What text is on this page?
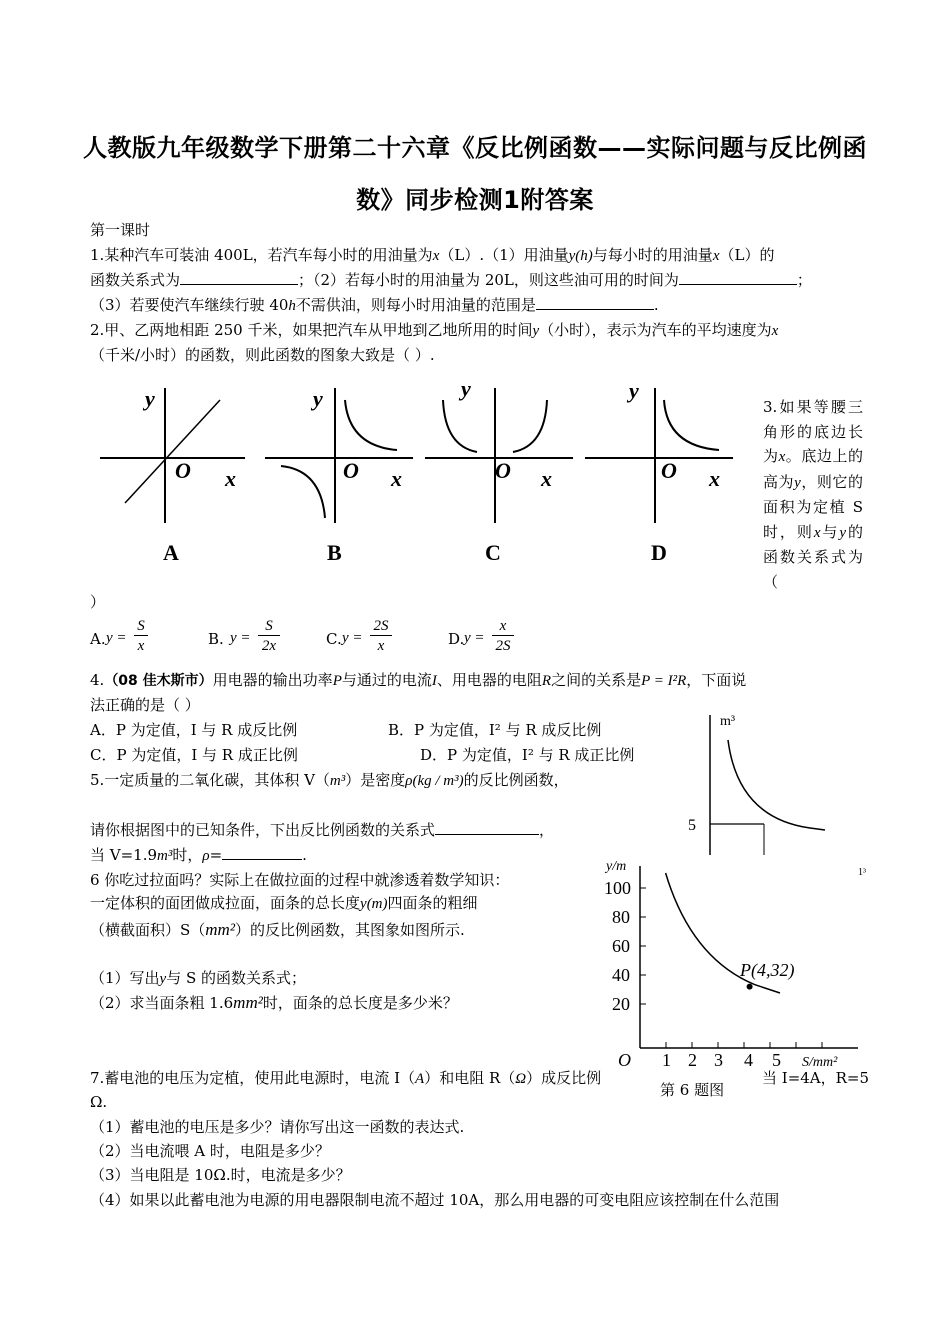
人教版九年级数学下册第二十六章《反比例函数——实际问题与反比例函
数》同步检测1附答案
第一课时
1.某种汽车可装油 400L，若汽车每小时的用油量为x（L）.（1）用油量y(h)与每小时的用油量x（L）的
函数关系式为	；（2）若每小时的用油量为 20L，则这些油可用的时间为	；
（3）若要使汽车继续行驶 40h不需供油，则每小时用油量的范围是	.
2.甲、乙两地相距 250 千米，如果把汽车从甲地到乙地所用的时间y（小时），表示为汽车的平均速度为x
（千米/小时）的函数，则此函数的图象大致是（ ）.
y
O x
A
y
O x
B
y
O x
C
y
O x
D
3.如果等腰三角形的底边长为x。底边上的高为y，则它的面积为定植 S 时，则x与y的函数关系式为（
）
A. y =
S
x	B. y =
S
2x	C. y =
2S
x	D. y =
x
2S
4.（08 佳木斯市）用电器的输出功率P与通过的电流I、用电器的电阻R之间的关系是P = I²R，下面说
法正确的是（ ）
A．P 为定值，I 与 R 成反比例	B．P 为定值，I² 与 R 成反比例
C．P 为定值，I 与 R 成正比例	D．P 为定值，I² 与 R 成正比例
5.一定质量的二氧化碳，其体积 V（m³）是密度ρ(kg / m³)的反比例函数，
请你根据图中的已知条件，下出反比例函数的关系式	，
当 V=1.9m³时，ρ=	.
m³
5
1³
6 你吃过拉面吗？实际上在做拉面的过程中就渗透着数学知识：
一定体积的面团做成拉面，面条的总长度y(m)四面条的粗细
（横截面积）S（mm²）的反比例函数，其图象如图所示.
（1）写出y与 S 的函数关系式；
（2）求当面条粗 1.6mm²时，面条的总长度是多少米？
P(4,32)
y/m
100
80
60
40
20
O 1 2 3 4 5 S/mm²
第 6 题图
7.蓄电池的电压为定植，使用此电源时，电流 I（A）和电阻 R（Ω）成反比例	当 I=4A，R=5
Ω.
（1）蓄电池的电压是多少？请你写出这一函数的表达式.
（2）当电流喂 A 时，电阻是多少？
（3）当电阻是 10Ω.时，电流是多少？
（4）如果以此蓄电池为电源的用电器限制电流不超过 10A，那么用电器的可变电阻应该控制在什么范围
